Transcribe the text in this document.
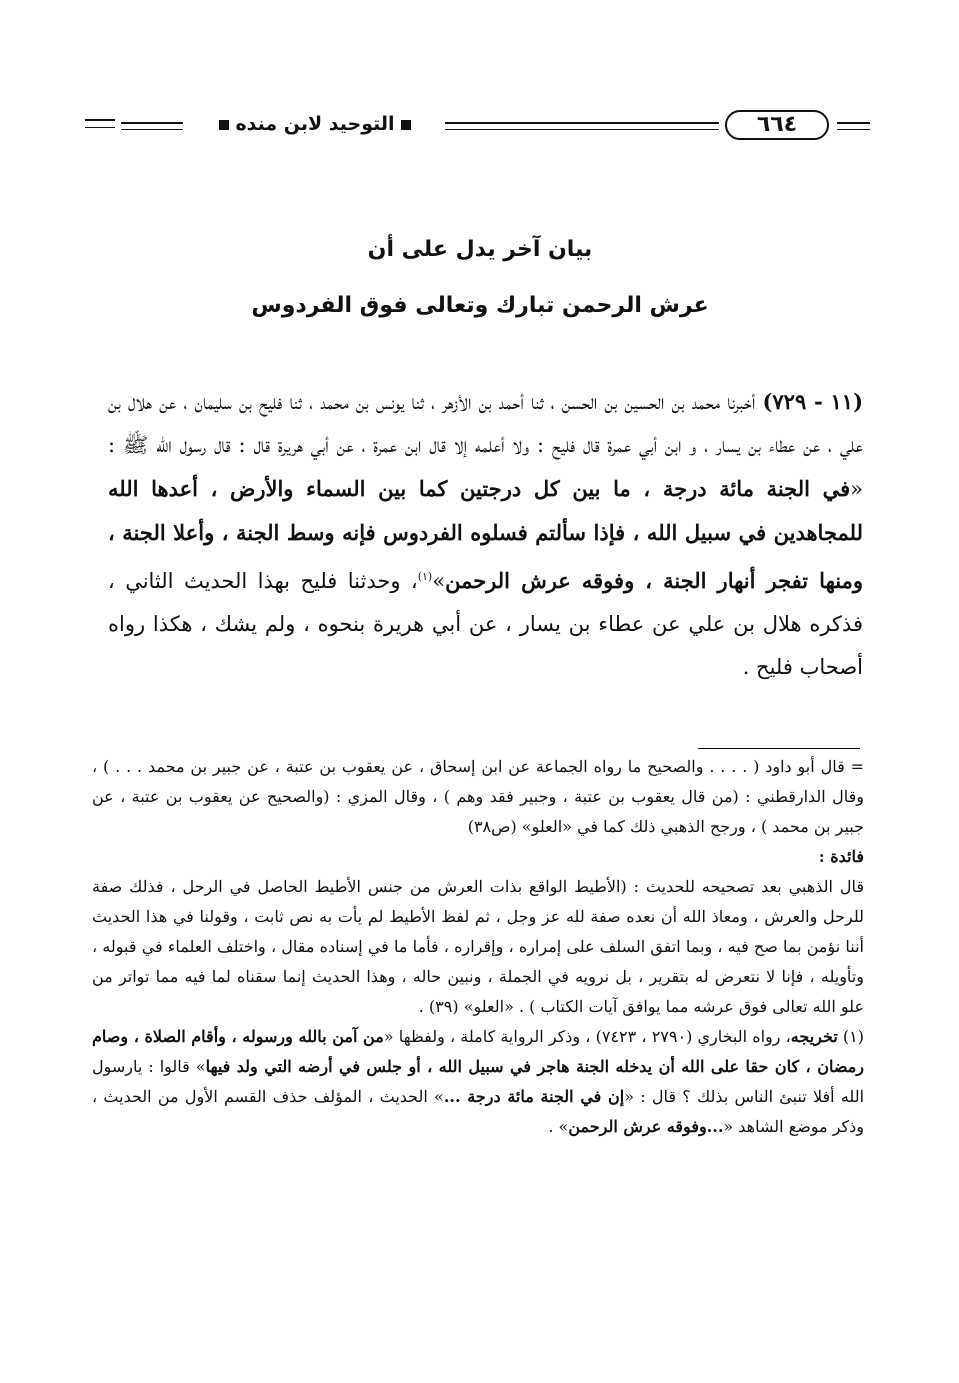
التوحيد لابن منده	٦٦٤
بيان آخر يدل على أن
عرش الرحمن تبارك وتعالى فوق الفردوس

(١١ - ٧٢٩) أخبرنا محمد بن الحسين بن الحسن ، ثنا أحمد بن الأزهر ، ثنا يونس بن محمد ، ثنا فليح بن سليمان ، عن هلال بن علي ، عن عطاء بن يسار ، و ابن أبي عمرة قال فليح : ولا أعلمه إلا قال ابن عمرة ، عن أبي هريرة قال : قال رسول الله ﷺ : «في الجنة مائة درجة ، ما بين كل درجتين كما بين السماء والأرض ، أعدها الله للمجاهدين في سبيل الله ، فإذا سألتم فسلوه الفردوس فإنه وسط الجنة ، وأعلا الجنة ، ومنها تفجر أنهار الجنة ، وفوقه عرش الرحمن»$^{(١)}$، وحدثنا فليح بهذا الحديث الثاني ، فذكره هلال بن علي عن عطاء بن يسار ، عن أبي هريرة بنحوه ، ولم يشك ، هكذا رواه أصحاب فليح .

= قال أبو داود ( . . . . والصحيح ما رواه الجماعة عن ابن إسحاق ، عن يعقوب بن عتبة ، عن جبير بن محمد . . . ) ، وقال الدارقطني : (من قال يعقوب بن عتبة ، وجبير فقد وهم ) ، وقال المزي : (والصحيح عن يعقوب بن عتبة ، عن جبير بن محمد ) ، ورجح الذهبي ذلك كما في «العلو» (ص٣٨)

فائدة :

قال الذهبي بعد تصحيحه للحديث : (الأطيط الواقع بذات العرش من جنس الأطيط الحاصل في الرحل ، فذلك صفة للرحل والعرش ، ومعاذ الله أن نعده صفة لله عز وجل ، ثم لفظ الأطيط لم يأت به نص ثابت ، وقولنا في هذا الحديث أننا نؤمن بما صح فيه ، وبما اتفق السلف على إمراره ، وإقراره ، فأما ما في إسناده مقال ، واختلف العلماء في قبوله ، وتأويله ، فإنا لا نتعرض له بتقرير ، بل نرويه في الجملة ، ونبين حاله ، وهذا الحديث إنما سقناه لما فيه مما تواتر من علو الله تعالى فوق عرشه مما يوافق آيات الكتاب ) . «العلو» (٣٩) .

(١) تخريجه، رواه البخاري (٢٧٩٠ ، ٧٤٢٣) ، وذكر الرواية كاملة ، ولفظها «من آمن بالله ورسوله ، وأقام الصلاة ، وصام رمضان ، كان حقا على الله أن يدخله الجنة هاجر في سبيل الله ، أو جلس في أرضه التي ولد فيها» قالوا : يارسول الله أفلا تنبئ الناس بذلك ؟ قال : «إن في الجنة مائة درجة ...» الحديث ، المؤلف حذف القسم الأول من الحديث ، وذكر موضع الشاهد «...وفوقه عرش الرحمن» .
